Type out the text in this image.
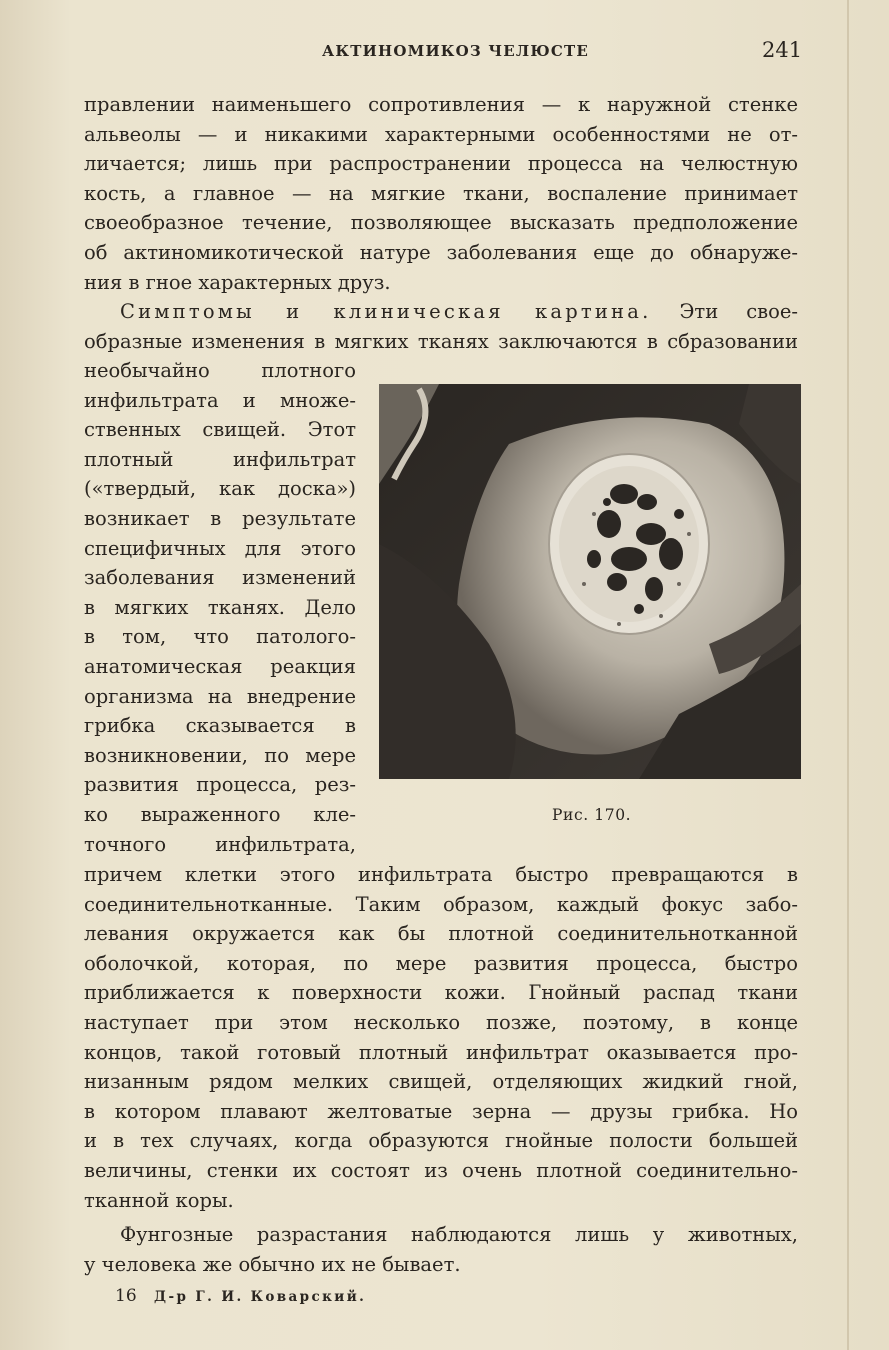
АКТИНОМИКОЗ ЧЕЛЮСТЕ	241
правлении наименьшего сопротивления — к наружной стенке
альвеолы — и никакими характерными особенностями не от-
личается; лишь при распространении процесса на челюстную
кость, а главное — на мягкие ткани, воспаление принимает
своеобразное течение, позволяющее высказать предположение
об актиномикотической натуре заболевания еще до обнаруже-
ния в гное характерных друз.
Симптомы и клиническая картина. Эти свое-
образные изменения в мягких тканях заключаются в сбразовании
необычайно плотного
инфильтрата и множе-
ственных свищей. Этот
плотный инфильтрат
(«твердый, как доска»)
возникает в результате
специфичных для этого
заболевания изменений
в мягких тканях. Дело
в том, что патолого-
анатомическая реакция
организма на внедрение
грибка сказывается в
возникновении, по мере
развития процесса, рез-
ко выраженного кле-
точного инфильтрата,
Рис. 170.
причем клетки этого инфильтрата быстро превращаются в
соединительнотканные. Таким образом, каждый фокус забо-
левания окружается как бы плотной соединительнотканной
оболочкой, которая, по мере развития процесса, быстро
приближается к поверхности кожи. Гнойный распад ткани
наступает при этом несколько позже, поэтому, в конце
концов, такой готовый плотный инфильтрат оказывается про-
низанным рядом мелких свищей, отделяющих жидкий гной,
в котором плавают желтоватые зерна — друзы грибка. Но
и в тех случаях, когда образуются гнойные полости большей
величины, стенки их состоят из очень плотной соединительно-
тканной коры.
Фунгозные разрастания наблюдаются лишь у животных,
у человека же обычно их не бывает.
16 Д-р Г. И. Коварский.
